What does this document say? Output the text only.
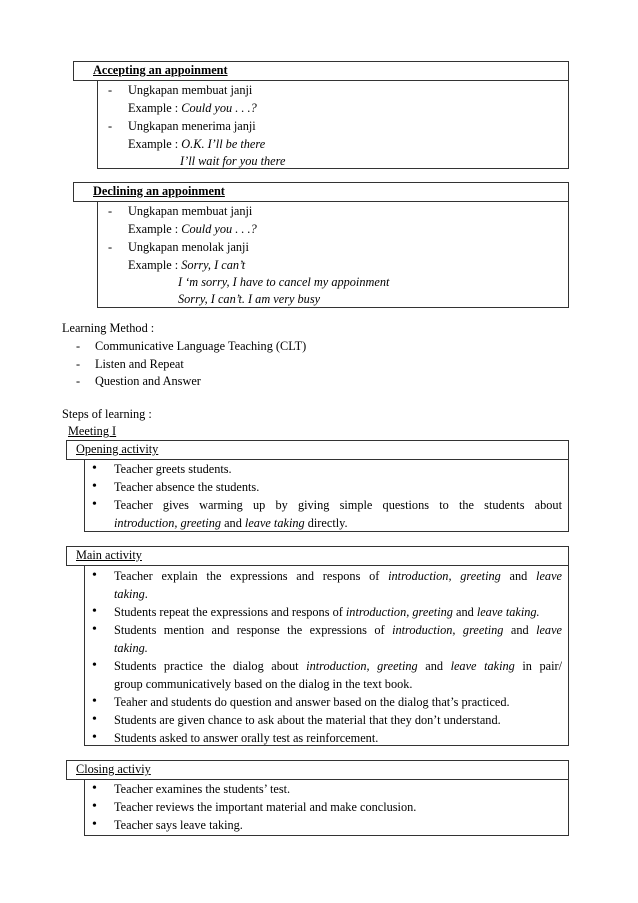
Accepting an appoinment
- Ungkapan membuat janji
Example : Could you . . .?
- Ungkapan menerima janji
Example : O.K. I’ll be there
I’ll wait for you there
Declining an appoinment
- Ungkapan membuat janji
Example : Could you . . .?
- Ungkapan menolak janji
Example : Sorry, I can’t
I ‘m sorry, I have to cancel my appoinment
Sorry, I can’t. I am very busy
Learning Method :
- Communicative Language Teaching (CLT)
- Listen and Repeat
- Question and Answer
Steps of learning :
Meeting I
Opening activity
• Teacher greets students.
• Teacher absence the students.
• Teacher gives warming up by giving simple questions to the students about
introduction, greeting and leave taking directly.
Main activity
• Teacher explain the expressions and respons of introduction, greeting and leave
taking.
• Students repeat the expressions and respons of introduction, greeting and leave taking.
• Students mention and response the expressions of introduction, greeting and leave
taking.
• Students practice the dialog about introduction, greeting and leave taking in pair/
group communicatively based on the dialog in the text book.
• Teaher and students do question and answer based on the dialog that’s practiced.
• Students are given chance to ask about the material that they don’t understand.
• Students asked to answer orally test as reinforcement.
Closing activiy
• Teacher examines the students’ test.
• Teacher reviews the important material and make conclusion.
• Teacher says leave taking.
